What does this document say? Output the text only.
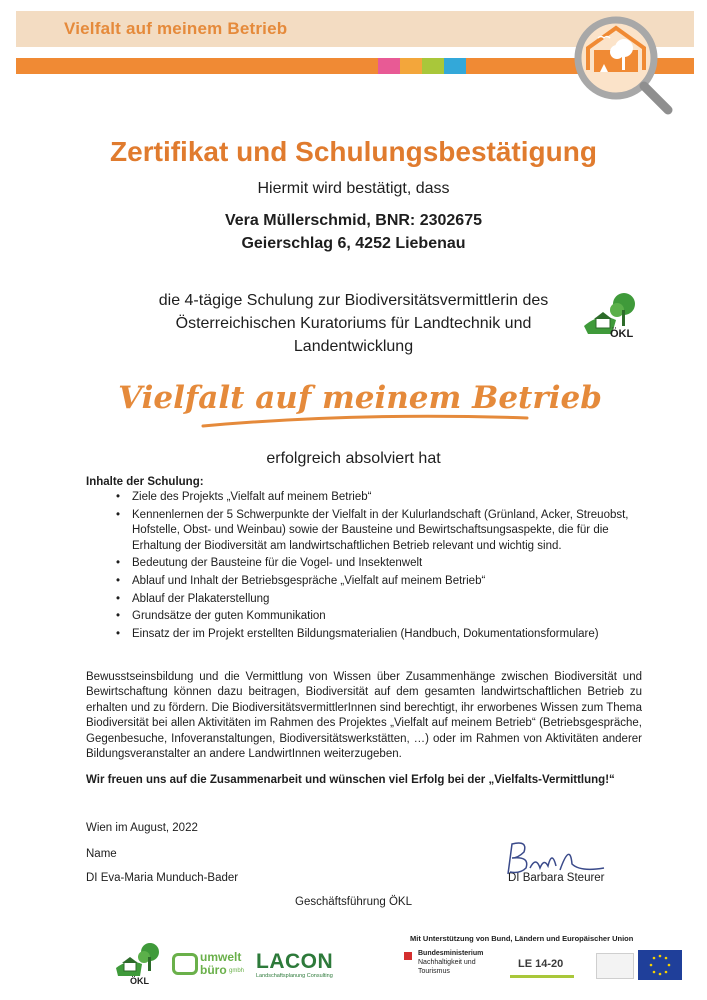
Vielfalt auf meinem Betrieb
Zertifikat und Schulungsbestätigung
Hiermit wird bestätigt, dass
Vera Müllerschmid, BNR: 2302675
Geierschlag 6, 4252 Liebenau
die 4-tägige Schulung zur Biodiversitätsvermittlerin des
Österreichischen Kuratoriums für Landtechnik und
Landentwicklung
ÖKL
Vielfalt auf meinem Betrieb
erfolgreich absolviert hat
Inhalte der Schulung:
• Ziele des Projekts „Vielfalt auf meinem Betrieb“
• Kennenlernen der 5 Schwerpunkte der Vielfalt in der Kulurlandschaft (Grünland, Acker, Streuobst, Hofstelle, Obst- und Weinbau) sowie der Bausteine und Bewirtschaftsungsaspekte, die für die Erhaltung der Biodiversität am landwirtschaftlichen Betrieb relevant und wichtig sind.
• Bedeutung der Bausteine für die Vogel- und Insektenwelt
• Ablauf und Inhalt der Betriebsgespräche „Vielfalt auf meinem Betrieb“
• Ablauf der Plakaterstellung
• Grundsätze der guten Kommunikation
• Einsatz der im Projekt erstellten Bildungsmaterialien (Handbuch, Dokumentationsformulare)
Bewusstseinsbildung und die Vermittlung von Wissen über Zusammenhänge zwischen Biodiversität und Bewirtschaftung können dazu beitragen, Biodiversität auf dem gesamten landwirtschaftlichen Betrieb zu erhalten und zu fördern. Die BiodiversitätsvermittlerInnen sind berechtigt, ihr erworbenes Wissen zum Thema Biodiversität bei allen Aktivitäten im Rahmen des Projektes „Vielfalt auf meinem Betrieb“ (Betriebsgespräche, Gegenbesuche, Infoveranstaltungen, Biodiversitätswerkstätten, …) oder im Rahmen von Aktivitäten anderer Bildungsveranstalter an andere LandwirtInnen weiterzugeben.
Wir freuen uns auf die Zusammenarbeit und wünschen viel Erfolg bei der „Vielfalts-Vermittlung!“
Wien im August, 2022
Name
DI Eva-Maria Munduch-Bader	DI Barbara Steurer
Geschäftsführung ÖKL
ÖKL
umwelt
büro gmbh LACON
Landschaftsplanung Consulting
Mit Unterstützung von Bund, Ländern und Europäischer Union
Bundesministerium
Nachhaltigkeit und
Tourismus
LE 14-20
